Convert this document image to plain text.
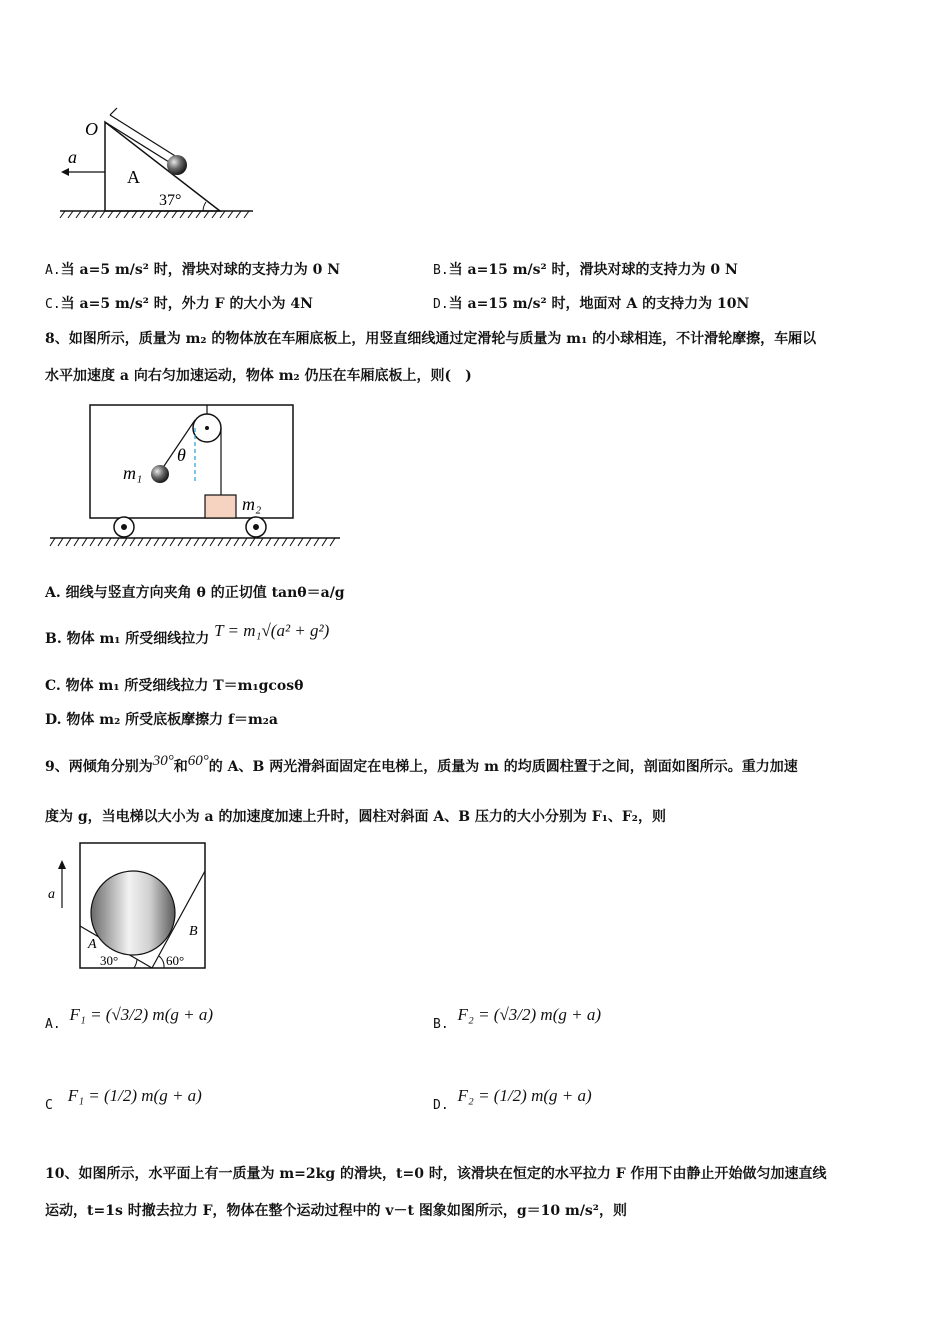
O
a
A
37°
A.当 a=5 m/s² 时，滑块对球的支持力为 0 N	B.当 a=15 m/s² 时，滑块对球的支持力为 0 N
C.当 a=5 m/s² 时，外力 F 的大小为 4N	D.当 a=15 m/s² 时，地面对 A 的支持力为 10N
8、如图所示，质量为 m₂ 的物体放在车厢底板上，用竖直细线通过定滑轮与质量为 m₁ 的小球相连，不计滑轮摩擦，车厢以
水平加速度 a 向右匀加速运动，物体 m₂ 仍压在车厢底板上，则(　)
m₁
m₂
θ
A. 细线与竖直方向夹角 θ 的正切值 tanθ＝a/g
B. 物体 m₁ 所受细线拉力 T = m₁√(a² + g²)
C. 物体 m₁ 所受细线拉力 T＝m₁gcosθ
D. 物体 m₂ 所受底板摩擦力 f＝m₂a
9、两倾角分别为30°和60°的 A、B 两光滑斜面固定在电梯上，质量为 m 的均质圆柱置于之间，剖面如图所示。重力加速
度为 g，当电梯以大小为 a 的加速度加速上升时，圆柱对斜面 A、B 压力的大小分别为 F₁、F₂，则
a
A
B
30°	60°
A. F₁ = (√3/2) m(g + a)
B. F₂ = (√3/2) m(g + a)
C F₁ = (1/2) m(g + a)
D. F₂ = (1/2) m(g + a)
10、如图所示，水平面上有一质量为 m=2kg 的滑块，t=0 时，该滑块在恒定的水平拉力 F 作用下由静止开始做匀加速直线
运动，t=1s 时撤去拉力 F，物体在整个运动过程中的 v－t 图象如图所示，g＝10 m/s²，则
